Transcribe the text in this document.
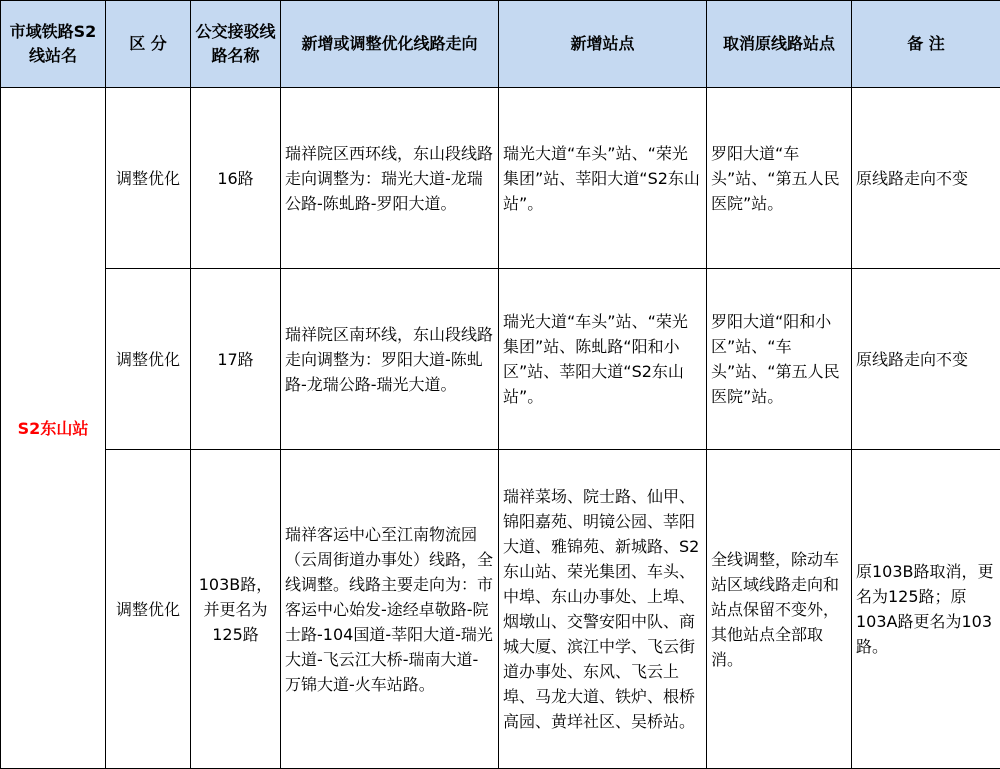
市域铁路S2线站名	区 分	公交接驳线路名称	新增或调整优化线路走向	新增站点	取消原线路站点	备 注
S2东山站	调整优化	16路	瑞祥院区西环线，东山段线路走向调整为：瑞光大道-龙瑞公路-陈虬路-罗阳大道。	瑞光大道“车头”站、“荣光集团”站、莘阳大道“S2东山站”。	罗阳大道“车头”站、“第五人民医院”站。	原线路走向不变
	调整优化	17路	瑞祥院区南环线，东山段线路走向调整为：罗阳大道-陈虬路-龙瑞公路-瑞光大道。	瑞光大道“车头”站、“荣光集团”站、陈虬路“阳和小区”站、莘阳大道“S2东山站”。	罗阳大道“阳和小区”站、“车头”站、“第五人民医院”站。	原线路走向不变
	调整优化	103B路，并更名为125路	瑞祥客运中心至江南物流园（云周街道办事处）线路，全线调整。线路主要走向为：市客运中心始发-途经卓敬路-院士路-104国道-莘阳大道-瑞光大道-飞云江大桥-瑞南大道-万锦大道-火车站路。	瑞祥菜场、院士路、仙甲、锦阳嘉苑、明镜公园、莘阳大道、雅锦苑、新城路、S2东山站、荣光集团、车头、中埠、东山办事处、上埠、烟墩山、交警安阳中队、商城大厦、滨江中学、飞云街道办事处、东风、飞云上埠、马龙大道、铁炉、根桥高园、黄垟社区、吴桥站。	全线调整，除动车站区域线路走向和站点保留不变外，其他站点全部取消。	原103B路取消，更名为125路；原103A路更名为103路。
